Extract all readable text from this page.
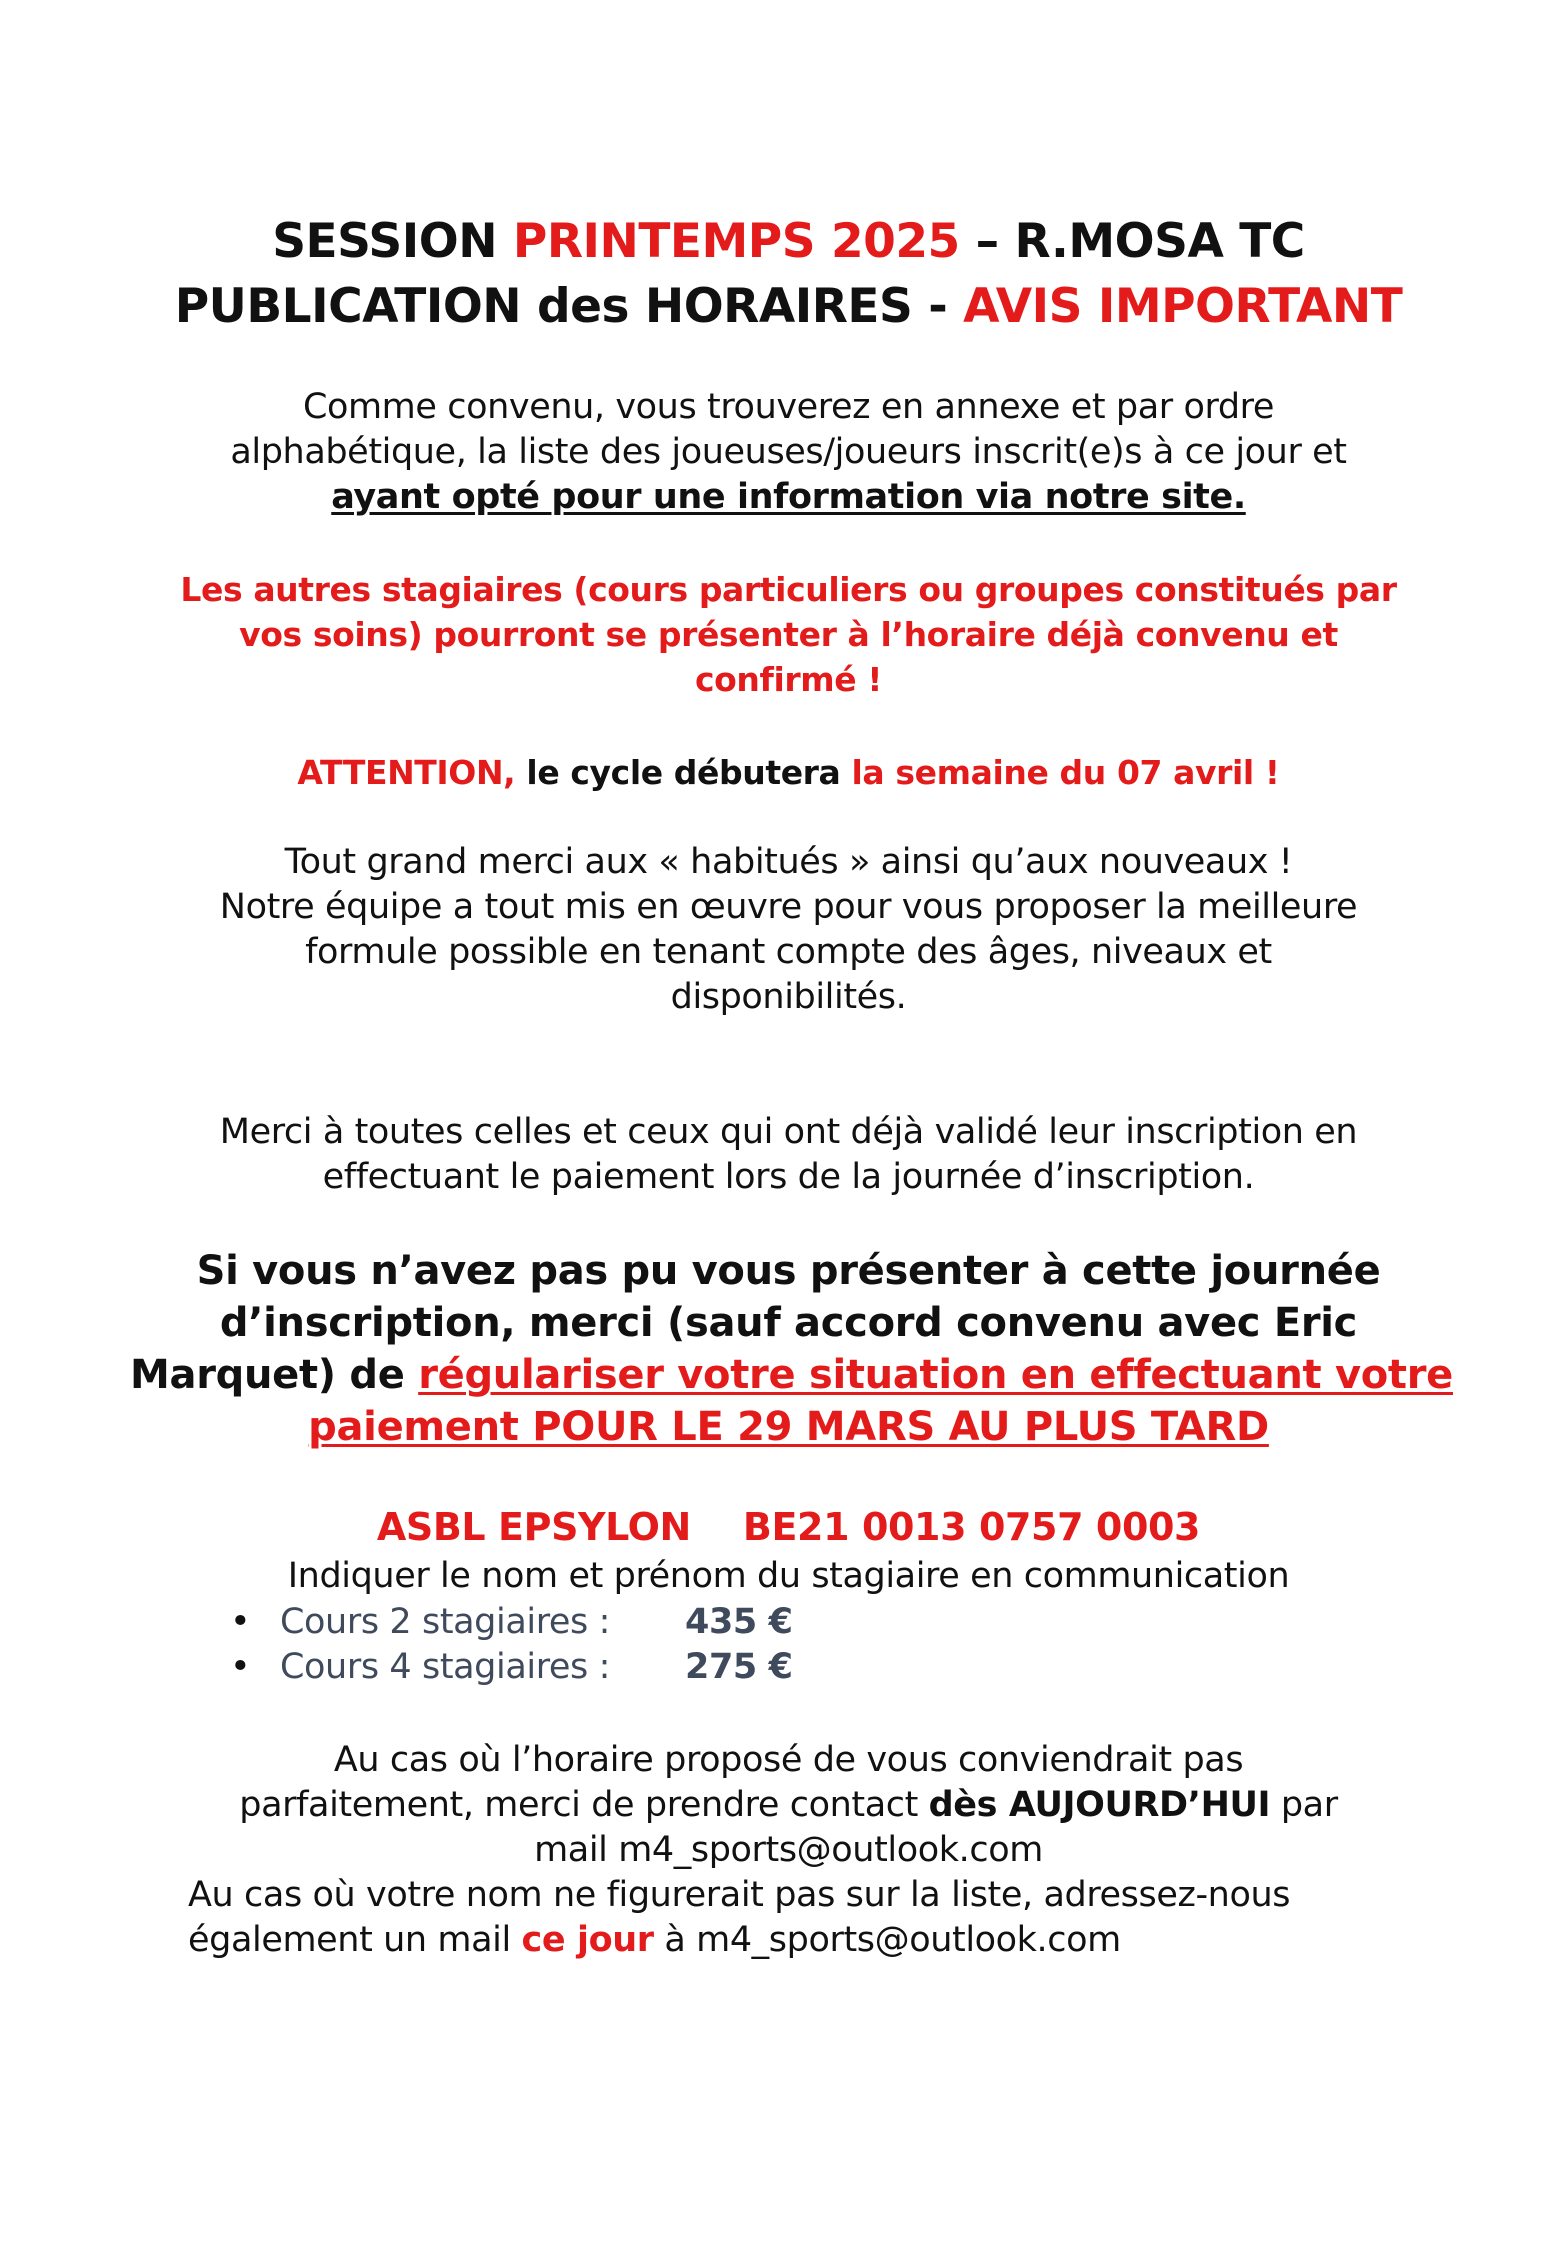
SESSION PRINTEMPS 2025 – R.MOSA TC
PUBLICATION des HORAIRES - AVIS IMPORTANT
Comme convenu, vous trouverez en annexe et par ordre
alphabétique, la liste des joueuses/joueurs inscrit(e)s à ce jour et
ayant opté pour une information via notre site.
Les autres stagiaires (cours particuliers ou groupes constitués par
vos soins) pourront se présenter à l’horaire déjà convenu et
confirmé !
ATTENTION, le cycle débutera la semaine du 07 avril !
Tout grand merci aux « habitués » ainsi qu’aux nouveaux !
Notre équipe a tout mis en œuvre pour vous proposer la meilleure
formule possible en tenant compte des âges, niveaux et
disponibilités.
Merci à toutes celles et ceux qui ont déjà validé leur inscription en
effectuant le paiement lors de la journée d’inscription.
Si vous n’avez pas pu vous présenter à cette journée
d’inscription, merci (sauf accord convenu avec Eric
Marquet) de régulariser votre situation en effectuant votre
paiement POUR LE 29 MARS AU PLUS TARD
ASBL EPSYLON BE21 0013 0757 0003
Indiquer le nom et prénom du stagiaire en communication
• Cours 2 stagiaires : 435 €
• Cours 4 stagiaires : 275 €
Au cas où l’horaire proposé de vous conviendrait pas
parfaitement, merci de prendre contact dès AUJOURD’HUI par
mail m4_sports@outlook.com
Au cas où votre nom ne figurerait pas sur la liste, adressez-nous
également un mail ce jour à m4_sports@outlook.com
